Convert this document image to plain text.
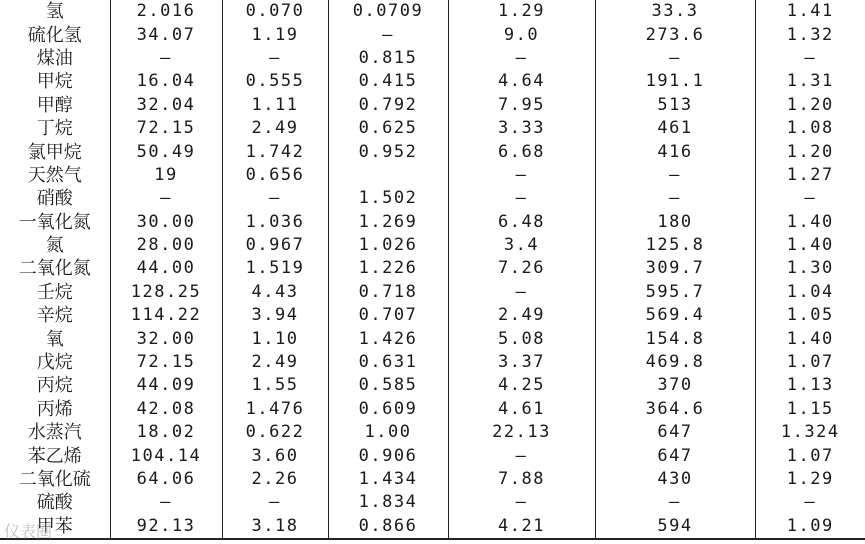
氢	2.016	0.070	0.0709	1.29	33.3	1.41
硫化氢	34.07	1.19	—	9.0	273.6	1.32
煤油	—	—	0.815	—	—	—
甲烷	16.04	0.555	0.415	4.64	191.1	1.31
甲醇	32.04	1.11	0.792	7.95	513	1.20
丁烷	72.15	2.49	0.625	3.33	461	1.08
氯甲烷	50.49	1.742	0.952	6.68	416	1.20
天然气	19	0.656		—	—	1.27
硝酸	—	—	1.502	—	—	—
一氧化氮	30.00	1.036	1.269	6.48	180	1.40
氮	28.00	0.967	1.026	3.4	125.8	1.40
二氧化氮	44.00	1.519	1.226	7.26	309.7	1.30
壬烷	128.25	4.43	0.718	—	595.7	1.04
辛烷	114.22	3.94	0.707	2.49	569.4	1.05
氧	32.00	1.10	1.426	5.08	154.8	1.40
戊烷	72.15	2.49	0.631	3.37	469.8	1.07
丙烷	44.09	1.55	0.585	4.25	370	1.13
丙烯	42.08	1.476	0.609	4.61	364.6	1.15
水蒸汽	18.02	0.622	1.00	22.13	647	1.324
苯乙烯	104.14	3.60	0.906	—	647	1.07
二氧化硫	64.06	2.26	1.434	7.88	430	1.29
硫酸	—	—	1.834	—	—	—
甲苯	92.13	3.18	0.866	4.21	594	1.09
仪表圈
